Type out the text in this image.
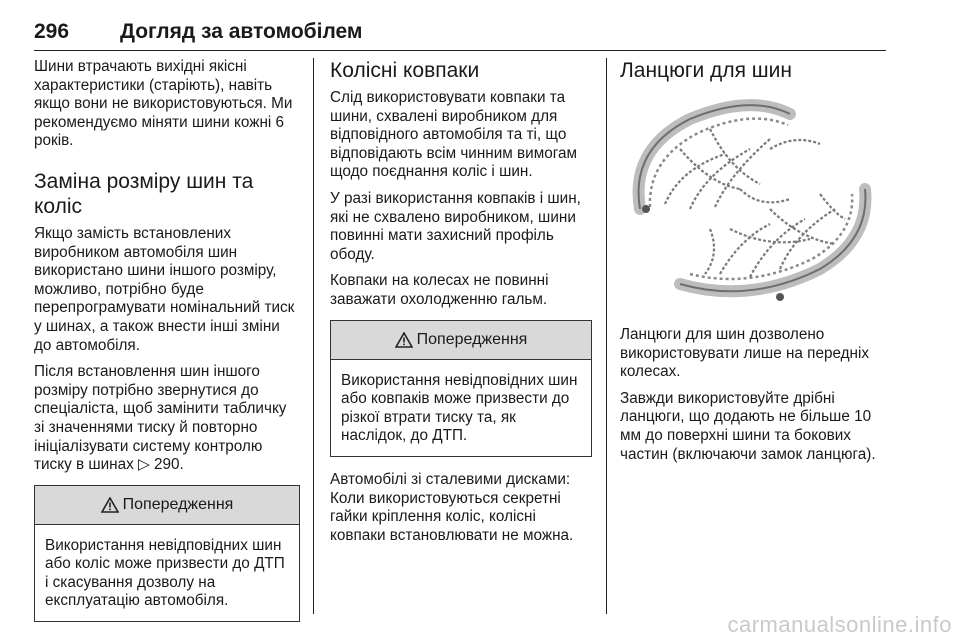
296 Догляд за автомобілем

Шини втрачають вихідні якісні характеристики (старіють), навіть якщо вони не використовуються. Ми рекомендуємо міняти шини кожні 6 років.

Заміна розміру шин та коліс

Якщо замість встановлених виробником автомобіля шин використано шини іншого розміру, можливо, потрібно буде перепрограмувати номінальний тиск у шинах, а також внести інші зміни до автомобіля.

Після встановлення шин іншого розміру потрібно звернутися до спеціаліста, щоб замінити табличку зі значеннями тиску й повторно ініціалізувати систему контролю тиску в шинах ▷ 290.

Попередження

Використання невідповідних шин або коліс може призвести до ДТП і скасування дозволу на експлуатацію автомобіля.

Колісні ковпаки

Слід використовувати ковпаки та шини, схвалені виробником для відповідного автомобіля та ті, що відповідають всім чинним вимогам щодо поєднання коліс і шин.

У разі використання ковпаків і шин, які не схвалено виробником, шини повинні мати захисний профіль ободу.

Ковпаки на колесах не повинні заважати охолодженню гальм.

Попередження

Використання невідповідних шин або ковпаків може призвести до різкої втрати тиску та, як наслідок, до ДТП.

Автомобілі зі сталевими дисками: Коли використовуються секретні гайки кріплення коліс, колісні ковпаки встановлювати не можна.

Ланцюги для шин

Ланцюги для шин дозволено використовувати лише на передніх колесах.

Завжди використовуйте дрібні ланцюги, що додають не більше 10 мм до поверхні шини та бокових частин (включаючи замок ланцюга).

carmanualsonline.info
